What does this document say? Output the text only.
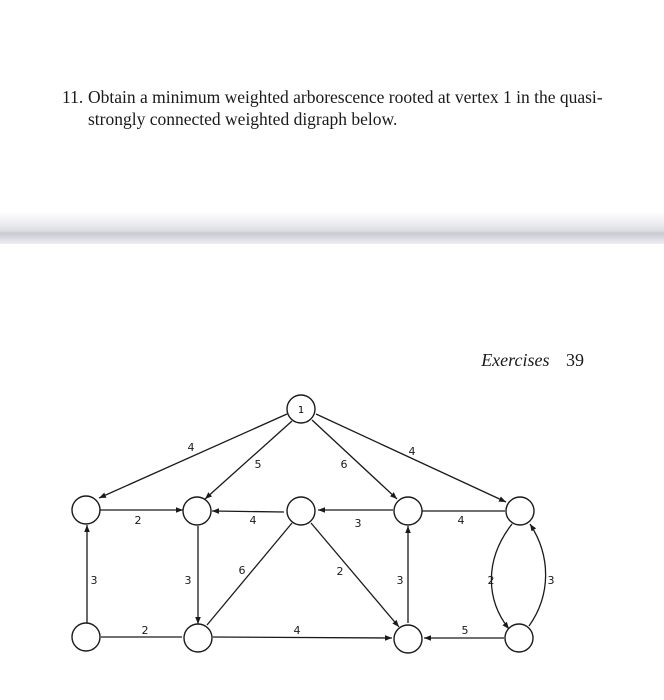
11. Obtain a minimum weighted arborescence rooted at vertex 1 in the quasi-strongly connected weighted digraph below.
Exercises 39
1
4
5	6
4
2	4	3	4
3	3
6	2
3
2	4	5
2	3
